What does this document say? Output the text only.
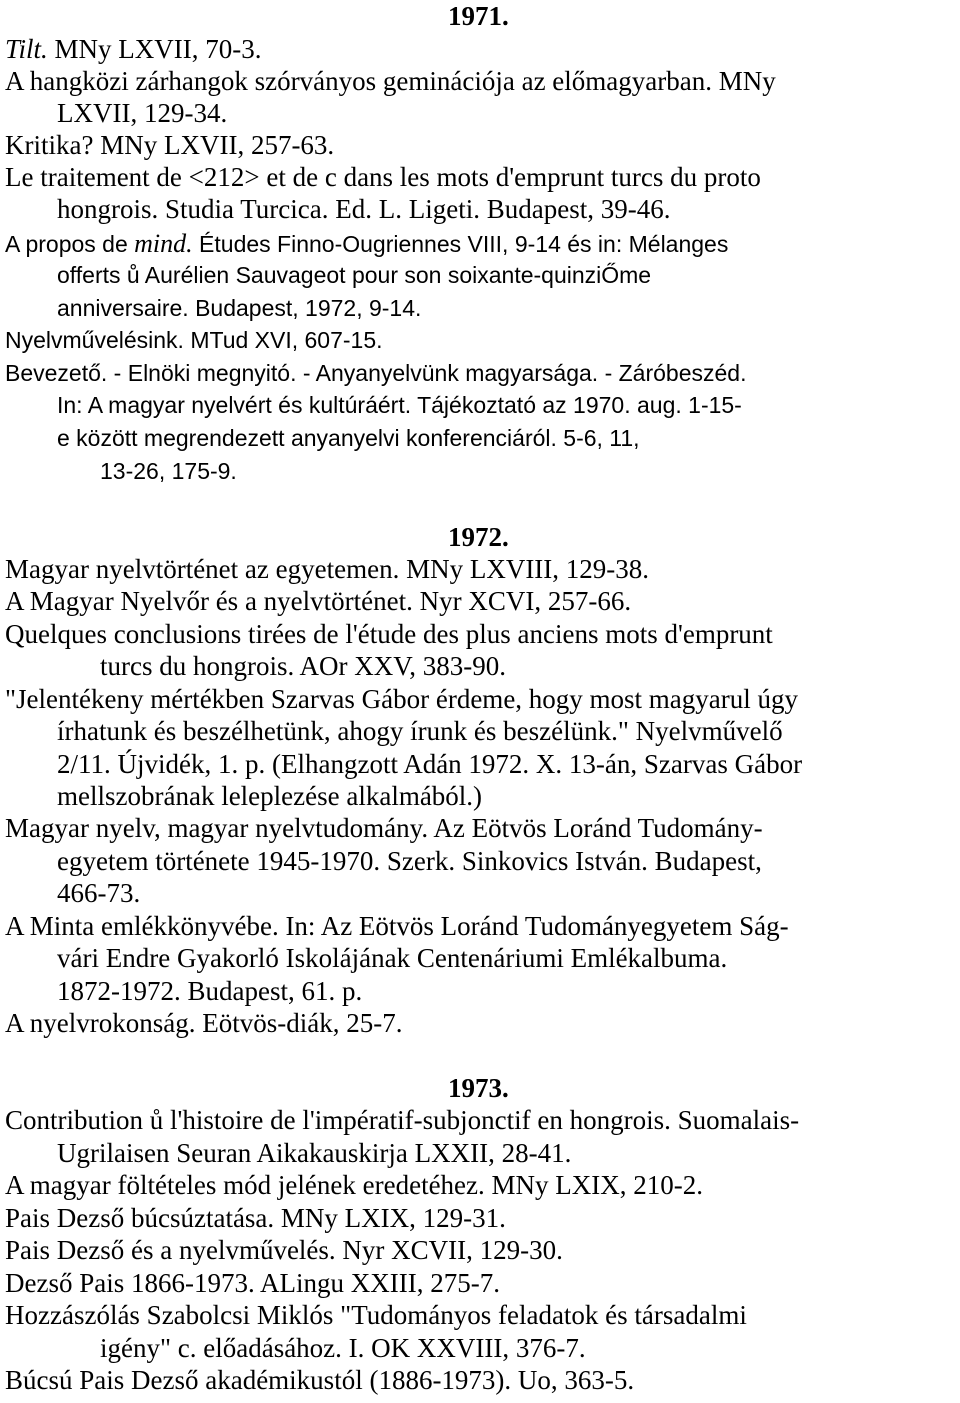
1971.
Tilt. MNy LXVII, 70-3.
A hangközi zárhangok szórványos geminációja az előmagyarban. MNy
LXVII, 129-34.
Kritika? MNy LXVII, 257-63.
Le traitement de <212> et de c dans les mots d'emprunt turcs du proto
hongrois. Studia Turcica. Ed. L. Ligeti. Budapest, 39-46.
A propos de mind. Études Finno-Ougriennes VIII, 9-14 és in: Mélanges
offerts ů Aurélien Sauvageot pour son soixante-quinziŐme
anniversaire. Budapest, 1972, 9-14.
Nyelvművelésink. MTud XVI, 607-15.
Bevezető. - Elnöki megnyitó. - Anyanyelvünk magyarsága. - Záróbeszéd.
In: A magyar nyelvért és kultúráért. Tájékoztató az 1970. aug. 1-15-
e között megrendezett anyanyelvi konferenciáról. 5-6, 11,
13-26, 175-9.
1972.
Magyar nyelvtörténet az egyetemen. MNy LXVIII, 129-38.
A Magyar Nyelvőr és a nyelvtörténet. Nyr XCVI, 257-66.
Quelques conclusions tirées de l'étude des plus anciens mots d'emprunt
turcs du hongrois. AOr XXV, 383-90.
"Jelentékeny mértékben Szarvas Gábor érdeme, hogy most magyarul úgy
írhatunk és beszélhetünk, ahogy írunk és beszélünk." Nyelvművelő
2/11. Újvidék, 1. p. (Elhangzott Adán 1972. X. 13-án, Szarvas Gábor
mellszobrának leleplezése alkalmából.)
Magyar nyelv, magyar nyelvtudomány. Az Eötvös Loránd Tudomány-
egyetem története 1945-1970. Szerk. Sinkovics István. Budapest,
466-73.
A Minta emlékkönyvébe. In: Az Eötvös Loránd Tudományegyetem Ság-
vári Endre Gyakorló Iskolájának Centenáriumi Emlékalbuma.
1872-1972. Budapest, 61. p.
A nyelvrokonság. Eötvös-diák, 25-7.
1973.
Contribution ů l'histoire de l'impératif-subjonctif en hongrois. Suomalais-
Ugrilaisen Seuran Aikakauskirja LXXII, 28-41.
A magyar föltételes mód jelének eredetéhez. MNy LXIX, 210-2.
Pais Dezső búcsúztatása. MNy LXIX, 129-31.
Pais Dezső és a nyelvművelés. Nyr XCVII, 129-30.
Dezső Pais 1866-1973. ALingu XXIII, 275-7.
Hozzászólás Szabolcsi Miklós "Tudományos feladatok és társadalmi
igény" c. előadásához. I. OK XXVIII, 376-7.
Búcsú Pais Dezső akadémikustól (1886-1973). Uo, 363-5.
